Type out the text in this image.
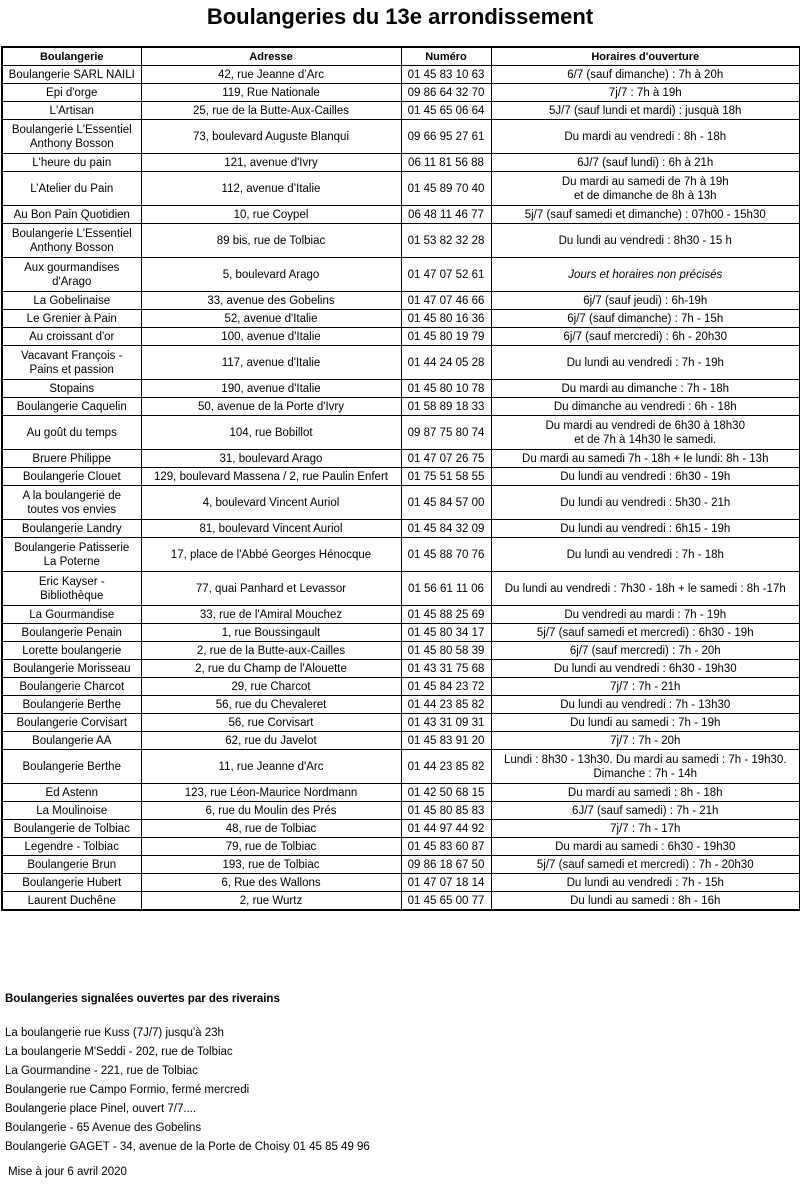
Boulangeries du 13e arrondissement
Boulangerie	Adresse	Numéro	Horaires d'ouverture
Boulangerie SARL NAILI	42, rue Jeanne d’Arc	01 45 83 10 63	6/7 (sauf dimanche) : 7h à 20h
Epi d'orge	119, Rue Nationale	09 86 64 32 70	7j/7 : 7h à 19h
L'Artisan	25, rue de la Butte-Aux-Cailles	01 45 65 06 64	5J/7 (sauf lundi et mardi) : jusquà 18h
Boulangerie L'Essentiel
Anthony Bosson	73, boulevard Auguste Blanqui	09 66 95 27 61	Du mardi au vendredi : 8h - 18h
L'heure du pain	121, avenue d'Ivry	06 11 81 56 88	6J/7 (sauf lundi) : 6h à 21h
L’Atelier du Pain	112, avenue d’Italie	01 45 89 70 40	Du mardi au samedi de 7h à 19h
et de dimanche de 8h à 13h
Au Bon Pain Quotidien	10, rue Coypel	06 48 11 46 77	5j/7 (sauf samedi et dimanche) : 07h00 - 15h30
Boulangerie L'Essentiel
Anthony Bosson	89 bis, rue de Tolbiac	01 53 82 32 28	Du lundi au vendredi : 8h30 - 15 h
Aux gourmandises
d'Arago	5, boulevard Arago	01 47 07 52 61	Jours et horaires non précisés
La Gobelinaise	33, avenue des Gobelins	01 47 07 46 66	6j/7 (sauf jeudi) : 6h-19h
Le Grenier à Pain	52, avenue d'Italie	01 45 80 16 36	6j/7 (sauf dimanche) : 7h - 15h
Au croissant d'or	100, avenue d'Italie	01 45 80 19 79	6j/7 (sauf mercredi) : 6h - 20h30
Vacavant François -
Pains et passion	117, avenue d'Italie	01 44 24 05 28	Du lundi au vendredi : 7h - 19h
Stopains	190, avenue d'Italie	01 45 80 10 78	Du mardi au dimanche : 7h - 18h
Boulangerie Caquelin	50, avenue de la Porte d'Ivry	01 58 89 18 33	Du dimanche au vendredi : 6h - 18h
Au goût du temps	104, rue Bobillot	09 87 75 80 74	Du mardi au vendredi de 6h30 à 18h30
et de 7h à 14h30 le samedi.
Bruere Philippe	31, boulevard Arago	01 47 07 26 75	Du mardi au samedi 7h - 18h + le lundi: 8h - 13h
Boulangerie Clouet	129, boulevard Massena / 2, rue Paulin Enfert	01 75 51 58 55	Du lundi au vendredi : 6h30 - 19h
A la boulangerie de
toutes vos envies	4, boulevard Vincent Auriol	01 45 84 57 00	Du lundi au vendredi : 5h30 - 21h
Boulangerie Landry	81, boulevard Vincent Auriol	01 45 84 32 09	Du lundi au vendredi : 6h15 - 19h
Boulangerie Patisserie
La Poterne	17, place de l'Abbé Georges Hénocque	01 45 88 70 76	Du lundi au vendredi : 7h - 18h
Eric Kayser -
Bibliothèque	77, quai Panhard et Levassor	01 56 61 11 06	Du lundi au vendredi : 7h30 - 18h + le samedi : 8h -17h
La Gourmandise	33, rue de l'Amiral Mouchez	01 45 88 25 69	Du vendredi au mardi : 7h - 19h
Boulangerie Penain	1, rue Boussingault	01 45 80 34 17	5j/7 (sauf samedi et mercredi) : 6h30 - 19h
Lorette boulangerie	2, rue de la Butte-aux-Cailles	01 45 80 58 39	6j/7 (sauf mercredi) : 7h - 20h
Boulangerie Morisseau	2, rue du Champ de l'Alouette	01 43 31 75 68	Du lundi au vendredi : 6h30 - 19h30
Boulangerie Charcot	29, rue Charcot	01 45 84 23 72	7j/7 : 7h - 21h
Boulangerie Berthe	56, rue du Chevaleret	01 44 23 85 82	Du lundi au vendredi : 7h - 13h30
Boulangerie Corvisart	56, rue Corvisart	01 43 31 09 31	Du lundi au samedi : 7h - 19h
Boulangerie AA	62, rue du Javelot	01 45 83 91 20	7j/7 : 7h - 20h
Boulangerie Berthe	11, rue Jeanne d'Arc	01 44 23 85 82	Lundi : 8h30 - 13h30. Du mardi au samedi : 7h - 19h30.
Dimanche : 7h - 14h
Ed Astenn	123, rue Léon-Maurice Nordmann	01 42 50 68 15	Du mardi au samedi : 8h - 18h
La Moulinoise	6, rue du Moulin des Prés	01 45 80 85 83	6J/7 (sauf samedi) : 7h - 21h
Boulangerie de Tolbiac	48, rue de Tolbiac	01 44 97 44 92	7j/7 : 7h - 17h
Legendre - Tolbiac	79, rue de Tolbiac	01 45 83 60 87	Du mardi au samedi : 6h30 - 19h30
Boulangerie Brun	193, rue de Tolbiac	09 86 18 67 50	5j/7 (sauf samedi et mercredi) : 7h - 20h30
Boulangerie Hubert	6, Rue des Wallons	01 47 07 18 14	Du lundi au vendredi : 7h - 15h
Laurent Duchêne	2, rue Wurtz	01 45 65 00 77	Du lundi au samedi : 8h - 16h
Boulangeries signalées ouvertes par des riverains
La boulangerie rue Kuss (7J/7) jusqu'à 23h
La boulangerie M'Seddi - 202, rue de Tolbiac
La Gourmandine - 221, rue de Tolbiac
Boulangerie rue Campo Formio, fermé mercredi
Boulangerie place Pinel, ouvert 7/7....
Boulangerie - 65 Avenue des Gobelins
Boulangerie GAGET - 34, avenue de la Porte de Choisy 01 45 85 49 96
Mise à jour 6 avril 2020
